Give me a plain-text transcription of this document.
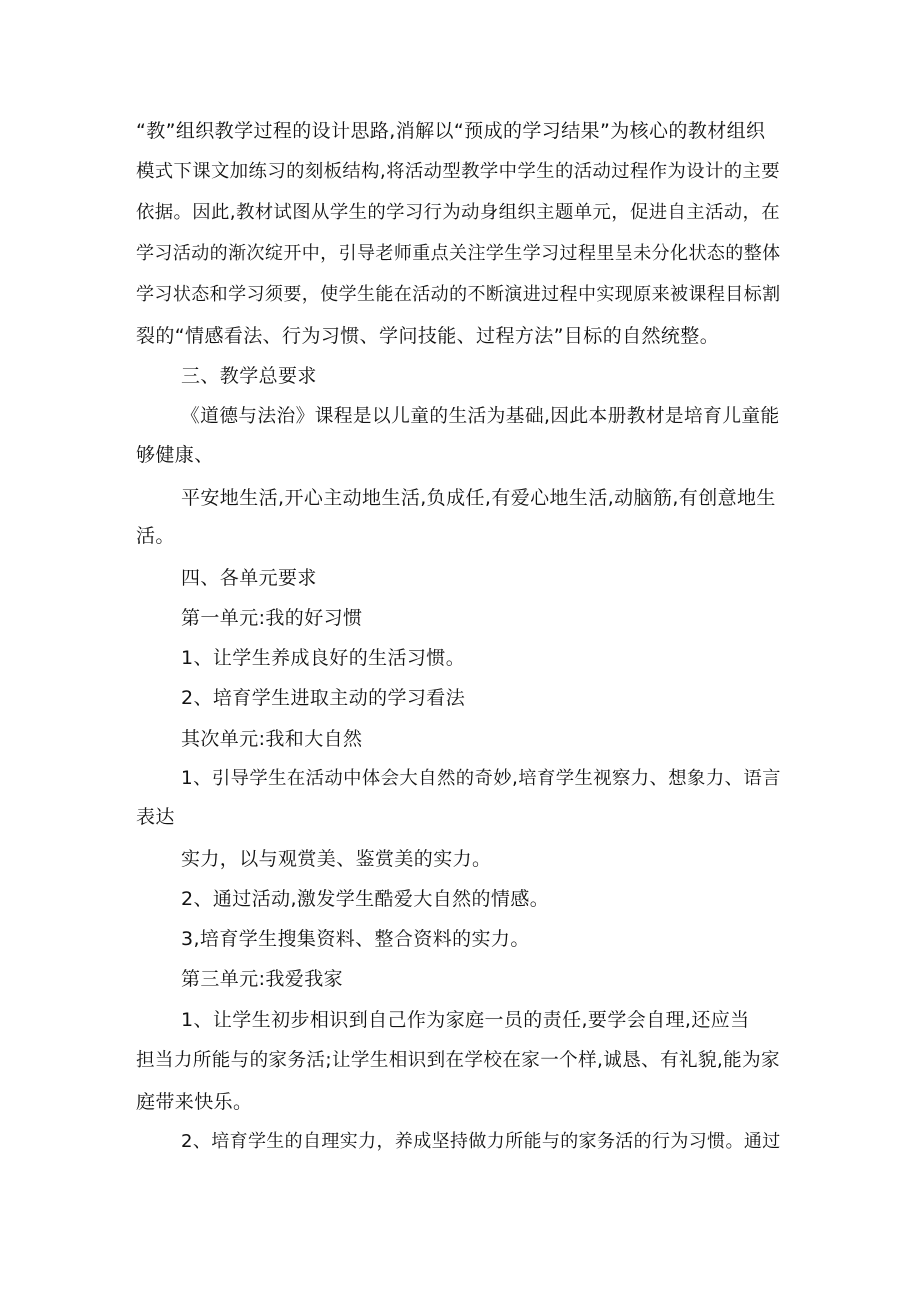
“教”组织教学过程的设计思路,消解以“预成的学习结果”为核心的教材组织
模式下课文加练习的刻板结构,将活动型教学中学生的活动过程作为设计的主要
依据。因此,教材试图从学生的学习行为动身组织主题单元，促进自主活动，在
学习活动的渐次绽开中，引导老师重点关注学生学习过程里呈未分化状态的整体
学习状态和学习须要，使学生能在活动的不断演进过程中实现原来被课程目标割
裂的“情感看法、行为习惯、学问技能、过程方法”目标的自然统整。
三、教学总要求
《道德与法治》课程是以儿童的生活为基础,因此本册教材是培育儿童能
够健康、
平安地生活,开心主动地生活,负成任,有爱心地生活,动脑筋,有创意地生
活。
四、各单元要求
第一单元:我的好习惯
1、让学生养成良好的生活习惯。
2、培育学生进取主动的学习看法
其次单元:我和大自然
1、引导学生在活动中体会大自然的奇妙,培育学生视察力、想象力、语言
表达
实力，以与观赏美、鉴赏美的实力。
2、通过活动,激发学生酷爱大自然的情感。
3,培育学生搜集资料、整合资料的实力。
第三单元:我爱我家
1、让学生初步相识到自己作为家庭一员的责任,要学会自理,还应当
担当力所能与的家务活;让学生相识到在学校在家一个样,诚恳、有礼貌,能为家
庭带来快乐。
2、培育学生的自理实力，养成坚持做力所能与的家务活的行为习惯。通过
